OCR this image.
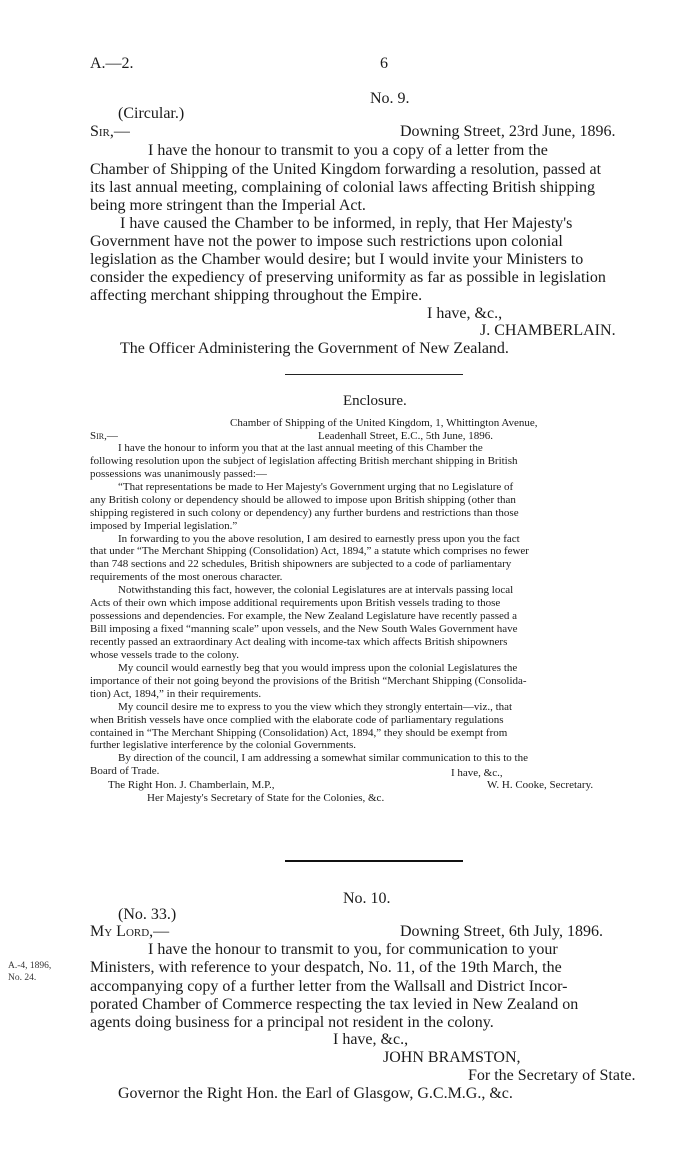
A.—2.	6
No. 9.
(Circular.)
Sir,—	Downing Street, 23rd June, 1896.
I have the honour to transmit to you a copy of a letter from the
Chamber of Shipping of the United Kingdom forwarding a resolution, passed at
its last annual meeting, complaining of colonial laws affecting British shipping
being more stringent than the Imperial Act.
I have caused the Chamber to be informed, in reply, that Her Majesty's
Government have not the power to impose such restrictions upon colonial
legislation as the Chamber would desire; but I would invite your Ministers to
consider the expediency of preserving uniformity as far as possible in legislation
affecting merchant shipping throughout the Empire.
I have, &c.,
J. CHAMBERLAIN.
The Officer Administering the Government of New Zealand.
Enclosure.
Chamber of Shipping of the United Kingdom, 1, Whittington Avenue,
Sir,—	Leadenhall Street, E.C., 5th June, 1896.
I have the honour to inform you that at the last annual meeting of this Chamber the
following resolution upon the subject of legislation affecting British merchant shipping in British
possessions was unanimously passed:—
“That representations be made to Her Majesty's Government urging that no Legislature of
any British colony or dependency should be allowed to impose upon British shipping (other than
shipping registered in such colony or dependency) any further burdens and restrictions than those
imposed by Imperial legislation.”
In forwarding to you the above resolution, I am desired to earnestly press upon you the fact
that under “The Merchant Shipping (Consolidation) Act, 1894,” a statute which comprises no fewer
than 748 sections and 22 schedules, British shipowners are subjected to a code of parliamentary
requirements of the most onerous character.
Notwithstanding this fact, however, the colonial Legislatures are at intervals passing local
Acts of their own which impose additional requirements upon British vessels trading to those
possessions and dependencies. For example, the New Zealand Legislature have recently passed a
Bill imposing a fixed “manning scale” upon vessels, and the New South Wales Government have
recently passed an extraordinary Act dealing with income-tax which affects British shipowners
whose vessels trade to the colony.
My council would earnestly beg that you would impress upon the colonial Legislatures the
importance of their not going beyond the provisions of the British “Merchant Shipping (Consolida-
tion) Act, 1894,” in their requirements.
My council desire me to express to you the view which they strongly entertain—viz., that
when British vessels have once complied with the elaborate code of parliamentary regulations
contained in “The Merchant Shipping (Consolidation) Act, 1894,” they should be exempt from
further legislative interference by the colonial Governments.
By direction of the council, I am addressing a somewhat similar communication to this to the
Board of Trade.	I have, &c.,
The Right Hon. J. Chamberlain, M.P.,	W. H. Cooke, Secretary.
Her Majesty's Secretary of State for the Colonies, &c.
No. 10.
(No. 33.)
My Lord,—	Downing Street, 6th July, 1896.
A.-4, 1896,
No. 24.
I have the honour to transmit to you, for communication to your
Ministers, with reference to your despatch, No. 11, of the 19th March, the
accompanying copy of a further letter from the Wallsall and District Incor-
porated Chamber of Commerce respecting the tax levied in New Zealand on
agents doing business for a principal not resident in the colony.
I have, &c.,
JOHN BRAMSTON,
For the Secretary of State.
Governor the Right Hon. the Earl of Glasgow, G.C.M.G., &c.
